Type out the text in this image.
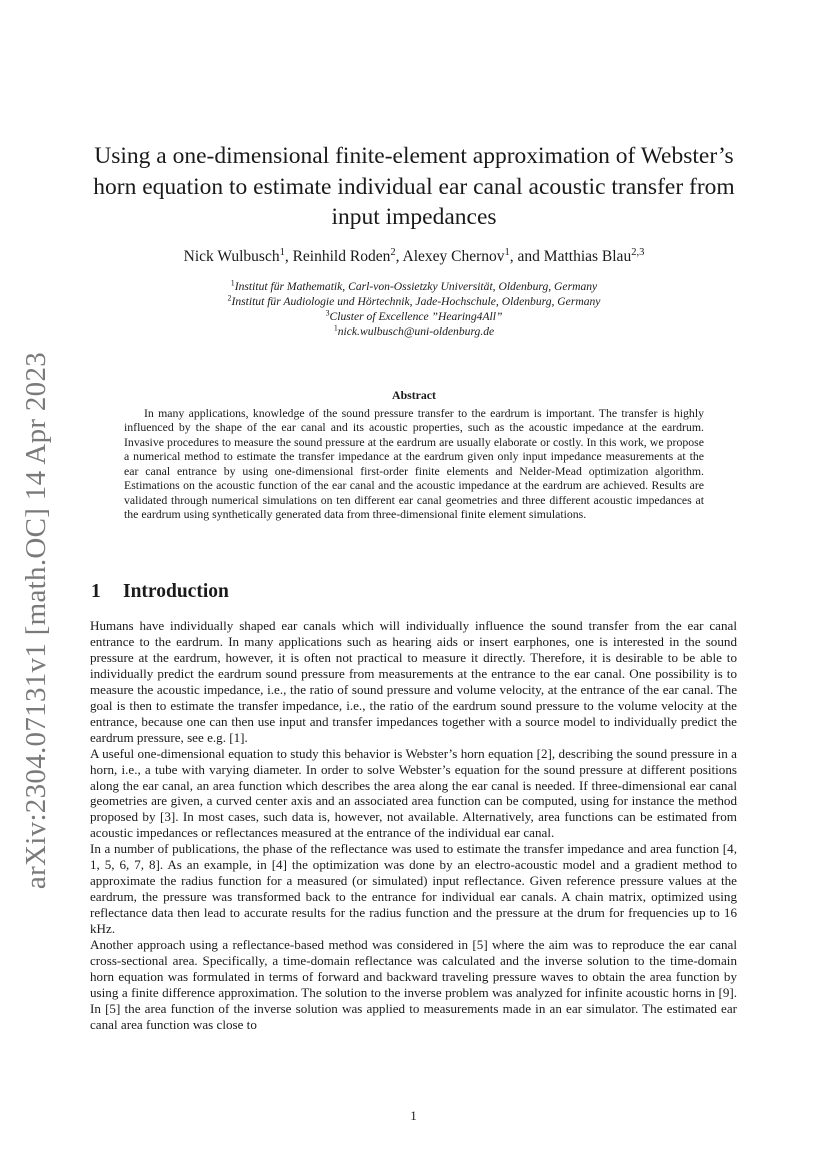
arXiv:2304.07131v1 [math.OC] 14 Apr 2023
Using a one-dimensional finite-element approximation of Webster’s horn equation to estimate individual ear canal acoustic transfer from input impedances
Nick Wulbusch$^1$, Reinhild Roden$^2$, Alexey Chernov$^1$, and Matthias Blau$^{2,3}$
$^1$Institut für Mathematik, Carl-von-Ossietzky Universität, Oldenburg, Germany
$^2$Institut für Audiologie und Hörtechnik, Jade-Hochschule, Oldenburg, Germany
$^3$Cluster of Excellence ”Hearing4All”
$^1$nick.wulbusch@uni-oldenburg.de
Abstract

In many applications, knowledge of the sound pressure transfer to the eardrum is important. The transfer is highly influenced by the shape of the ear canal and its acoustic properties, such as the acoustic impedance at the eardrum. Invasive procedures to measure the sound pressure at the eardrum are usually elaborate or costly. In this work, we propose a numerical method to estimate the transfer impedance at the eardrum given only input impedance measurements at the ear canal entrance by using one-dimensional first-order finite elements and Nelder-Mead optimization algorithm. Estimations on the acoustic function of the ear canal and the acoustic impedance at the eardrum are achieved. Results are validated through numerical simulations on ten different ear canal geometries and three different acoustic impedances at the eardrum using synthetically generated data from three-dimensional finite element simulations.

1 Introduction

Humans have individually shaped ear canals which will individually influence the sound transfer from the ear canal entrance to the eardrum. In many applications such as hearing aids or insert earphones, one is interested in the sound pressure at the eardrum, however, it is often not practical to measure it directly. Therefore, it is desirable to be able to individually predict the eardrum sound pressure from measurements at the entrance to the ear canal. One possibility is to measure the acoustic impedance, i.e., the ratio of sound pressure and volume velocity, at the entrance of the ear canal. The goal is then to estimate the transfer impedance, i.e., the ratio of the eardrum sound pressure to the volume velocity at the entrance, because one can then use input and transfer impedances together with a source model to individually predict the eardrum pressure, see e.g. [1].

A useful one-dimensional equation to study this behavior is Webster’s horn equation [2], describing the sound pressure in a horn, i.e., a tube with varying diameter. In order to solve Webster’s equation for the sound pressure at different positions along the ear canal, an area function which describes the area along the ear canal is needed. If three-dimensional ear canal geometries are given, a curved center axis and an associated area function can be computed, using for instance the method proposed by [3]. In most cases, such data is, however, not available. Alternatively, area functions can be estimated from acoustic impedances or reflectances measured at the entrance of the individual ear canal.

In a number of publications, the phase of the reflectance was used to estimate the transfer impedance and area function [4, 1, 5, 6, 7, 8]. As an example, in [4] the optimization was done by an electro-acoustic model and a gradient method to approximate the radius function for a measured (or simulated) input reflectance. Given reference pressure values at the eardrum, the pressure was transformed back to the entrance for individual ear canals. A chain matrix, optimized using reflectance data then lead to accurate results for the radius function and the pressure at the drum for frequencies up to 16 kHz.

Another approach using a reflectance-based method was considered in [5] where the aim was to reproduce the ear canal cross-sectional area. Specifically, a time-domain reflectance was calculated and the inverse solution to the time-domain horn equation was formulated in terms of forward and backward traveling pressure waves to obtain the area function by using a finite difference approximation. The solution to the inverse problem was analyzed for infinite acoustic horns in [9]. In [5] the area function of the inverse solution was applied to measurements made in an ear simulator. The estimated ear canal area function was close to

1
